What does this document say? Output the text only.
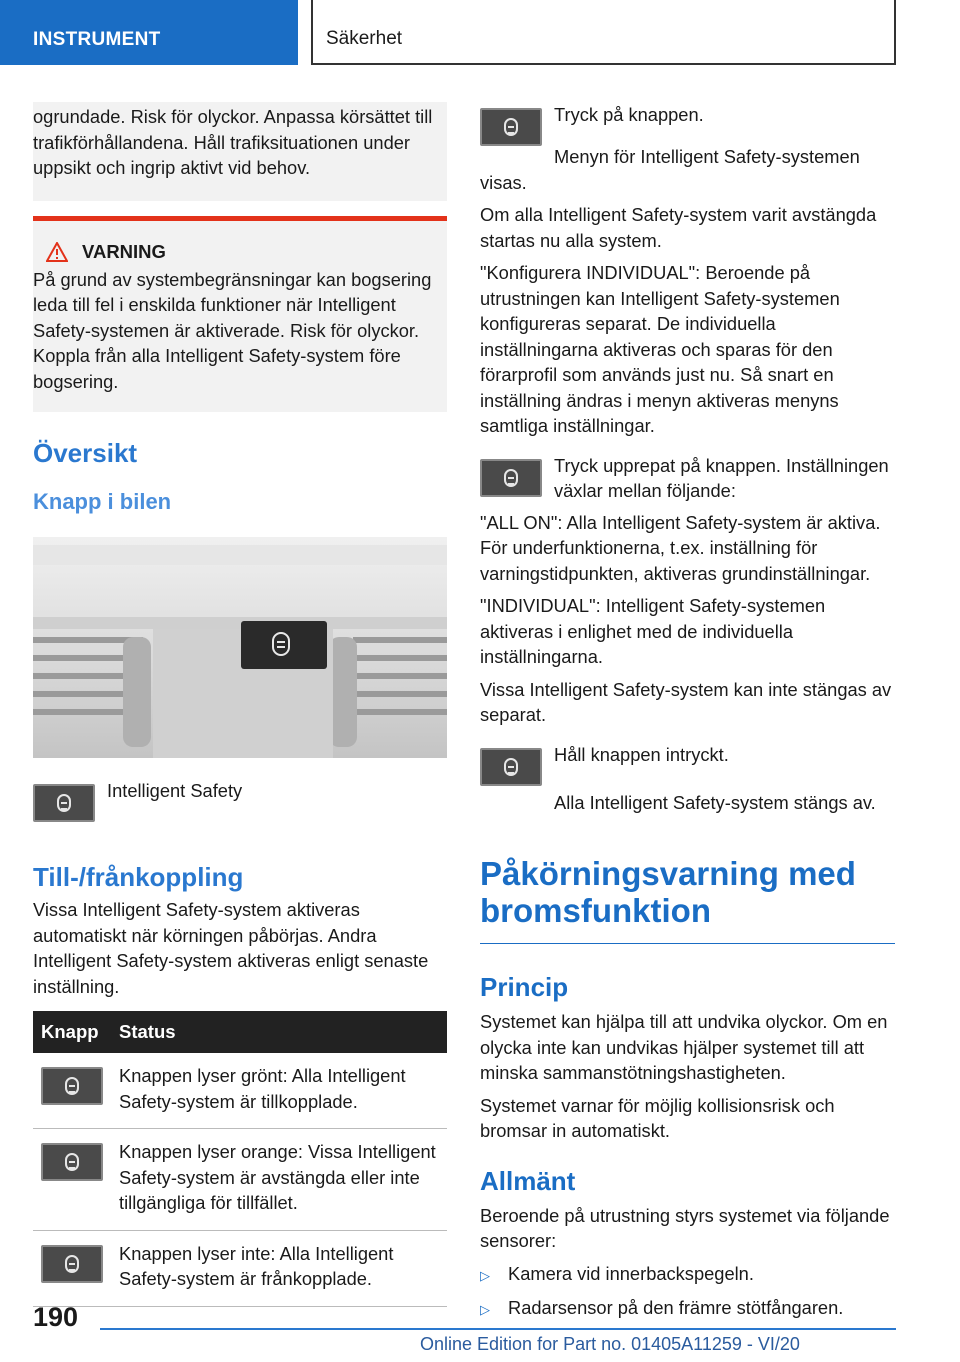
INSTRUMENT	Säkerhet

ogrundade. Risk för olyckor. Anpassa körsättet till trafikförhållandena. Håll trafiksituationen under uppsikt och ingrip aktivt vid behov.

VARNING

På grund av systembegränsningar kan bogsering leda till fel i enskilda funktioner när Intelligent Safety-systemen är aktiverade. Risk för olyckor. Koppla från alla Intelligent Safety-system före bogsering.

Översikt
Knapp i bilen
Intelligent Safety
Till-/frånkoppling

Vissa Intelligent Safety-system aktiveras automatiskt när körningen påbörjas. Andra Intelligent Safety-system aktiveras enligt senaste inställning.

Knapp	Status

	Knappen lyser grönt: Alla Intelligent Safety-system är tillkopplade.

	Knappen lyser orange: Vissa Intelligent Safety-system är avstängda eller inte tillgängliga för tillfället.

	Knappen lyser inte: Alla Intelligent Safety-system är frånkopplade.
Tryck på knappen.

Menyn för Intelligent Safety-systemen visas.

Om alla Intelligent Safety-system varit avstängda startas nu alla system.

"Konfigurera INDIVIDUAL": Beroende på utrustningen kan Intelligent Safety-systemen konfigureras separat. De individuella inställningarna aktiveras och sparas för den förarprofil som används just nu. Så snart en inställning ändras i menyn aktiveras menyns samtliga inställningar.

Tryck upprepat på knappen. Inställningen växlar mellan följande:

"ALL ON": Alla Intelligent Safety-system är aktiva. För underfunktionerna, t.ex. inställning för varningstidpunkten, aktiveras grundinställningar.

"INDIVIDUAL": Intelligent Safety-systemen aktiveras i enlighet med de individuella inställningarna.

Vissa Intelligent Safety-system kan inte stängas av separat.

Håll knappen intryckt.

Alla Intelligent Safety-system stängs av.

Påkörningsvarning med bromsfunktion
Princip

Systemet kan hjälpa till att undvika olyckor. Om en olycka inte kan undvikas hjälper systemet till att minska sammanstötningshastigheten.

Systemet varnar för möjlig kollisionsrisk och bromsar in automatiskt.

Allmänt

Beroende på utrustning styrs systemet via följande sensorer:

▷ Kamera vid innerbackspegeln.
▷ Radarsensor på den främre stötfångaren.
190
Online Edition for Part no. 01405A11259 - VI/20
